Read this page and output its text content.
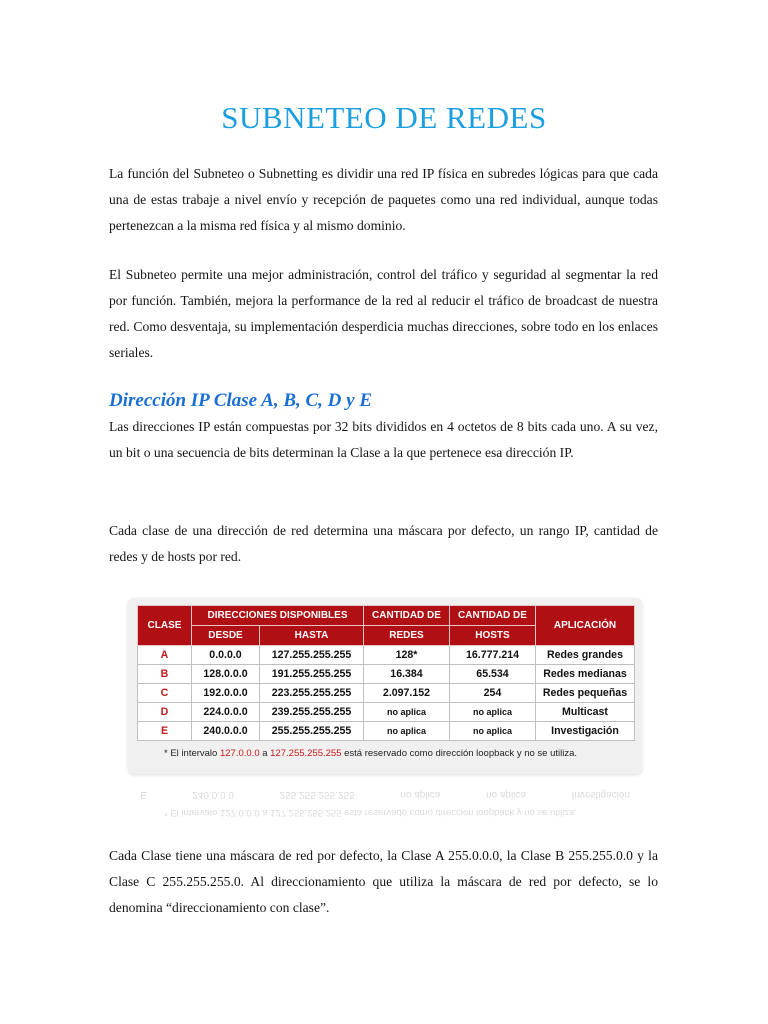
SUBNETEO DE REDES

La función del Subneteo o Subnetting es dividir una red IP física en subredes lógicas para que cada una de estas trabaje a nivel envío y recepción de paquetes como una red individual, aunque todas pertenezcan a la misma red física y al mismo dominio.

El Subneteo permite una mejor administración, control del tráfico y seguridad al segmentar la red por función. También, mejora la performance de la red al reducir el tráfico de broadcast de nuestra red. Como desventaja, su implementación desperdicia muchas direcciones, sobre todo en los enlaces seriales.

Dirección IP Clase A, B, C, D y E

Las direcciones IP están compuestas por 32 bits divididos en 4 octetos de 8 bits cada uno. A su vez, un bit o una secuencia de bits determinan la Clase a la que pertenece esa dirección IP.

Cada clase de una dirección de red determina una máscara por defecto, un rango IP, cantidad de redes y de hosts por red.

CLASE	DIRECCIONES DISPONIBLES		CANTIDAD DE	CANTIDAD DE	APLICACIÓN
	DESDE	HASTA	REDES	HOSTS	
A	0.0.0.0	127.255.255.255	128*	16.777.214	Redes grandes
B	128.0.0.0	191.255.255.255	16.384	65.534	Redes medianas
C	192.0.0.0	223.255.255.255	2.097.152	254	Redes pequeñas
D	224.0.0.0	239.255.255.255	no aplica	no aplica	Multicast
E	240.0.0.0	255.255.255.255	no aplica	no aplica	Investigación
* El intervalo 127.0.0.0 a 127.255.255.255 está reservado como dirección loopback y no se utiliza.
* El intervalo 127.0.0.0 a 127.255.255.255 está reservado como dirección loopback y no se utiliza.
E	240.0.0.0	255.255.255.255	no aplica	no aplica	Investigación

Cada Clase tiene una máscara de red por defecto, la Clase A 255.0.0.0, la Clase B 255.255.0.0 y la Clase C 255.255.255.0. Al direccionamiento que utiliza la máscara de red por defecto, se lo denomina “direccionamiento con clase”.
